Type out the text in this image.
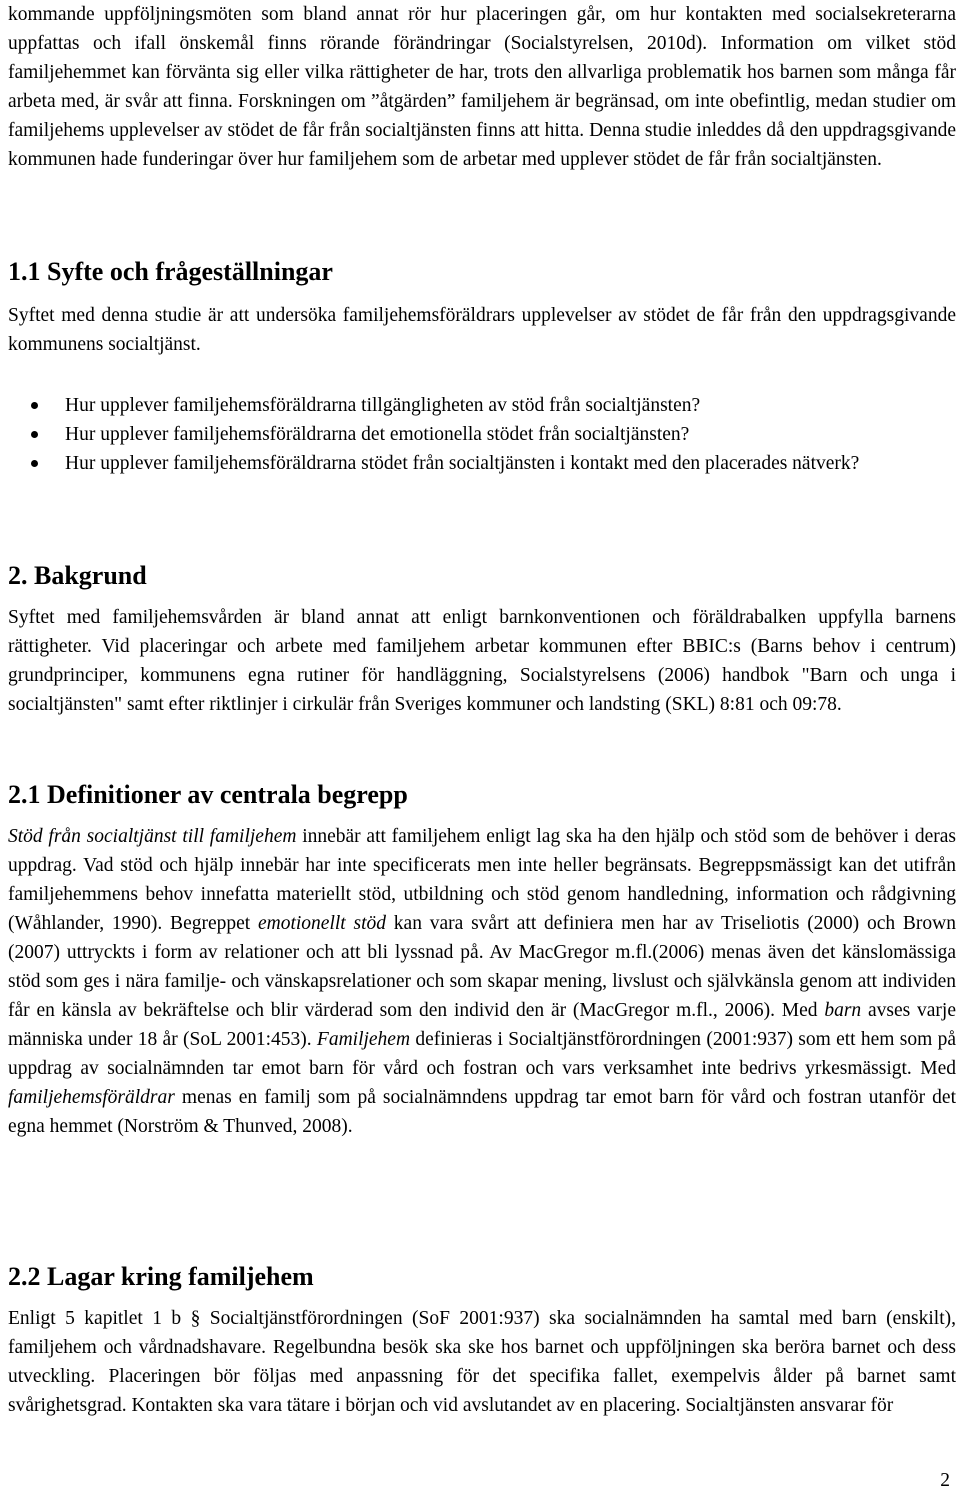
kommande uppföljningsmöten som bland annat rör hur placeringen går, om hur kontakten med socialsekreterarna uppfattas och ifall önskemål finns rörande förändringar (Socialstyrelsen, 2010d). Information om vilket stöd familjehemmet kan förvänta sig eller vilka rättigheter de har, trots den allvarliga problematik hos barnen som många får arbeta med, är svår att finna. Forskningen om ”åtgärden” familjehem är begränsad, om inte obefintlig, medan studier om familjehems upplevelser av stödet de får från socialtjänsten finns att hitta. Denna studie inleddes då den uppdragsgivande kommunen hade funderingar över hur familjehem som de arbetar med upplever stödet de får från socialtjänsten.

1.1 Syfte och frågeställningar

Syftet med denna studie är att undersöka familjehemsföräldrars upplevelser av stödet de får från den uppdragsgivande kommunens socialtjänst.

Hur upplever familjehemsföräldrarna tillgängligheten av stöd från socialtjänsten?
Hur upplever familjehemsföräldrarna det emotionella stödet från socialtjänsten?
Hur upplever familjehemsföräldrarna stödet från socialtjänsten i kontakt med den placerades nätverk?
2. Bakgrund

Syftet med familjehemsvården är bland annat att enligt barnkonventionen och föräldrabalken uppfylla barnens rättigheter. Vid placeringar och arbete med familjehem arbetar kommunen efter BBIC:s (Barns behov i centrum) grundprinciper, kommunens egna rutiner för handläggning, Socialstyrelsens (2006) handbok "Barn och unga i socialtjänsten" samt efter riktlinjer i cirkulär från Sveriges kommuner och landsting (SKL) 8:81 och 09:78.

2.1 Definitioner av centrala begrepp

Stöd från socialtjänst till familjehem innebär att familjehem enligt lag ska ha den hjälp och stöd som de behöver i deras uppdrag. Vad stöd och hjälp innebär har inte specificerats men inte heller begränsats. Begreppsmässigt kan det utifrån familjehemmens behov innefatta materiellt stöd, utbildning och stöd genom handledning, information och rådgivning (Wåhlander, 1990). Begreppet emotionellt stöd kan vara svårt att definiera men har av Triseliotis (2000) och Brown (2007) uttryckts i form av relationer och att bli lyssnad på. Av MacGregor m.fl.(2006) menas även det känslomässiga stöd som ges i nära familje- och vänskapsrelationer och som skapar mening, livslust och självkänsla genom att individen får en känsla av bekräftelse och blir värderad som den individ den är (MacGregor m.fl., 2006). Med barn avses varje människa under 18 år (SoL 2001:453). Familjehem definieras i Socialtjänstförordningen (2001:937) som ett hem som på uppdrag av socialnämnden tar emot barn för vård och fostran och vars verksamhet inte bedrivs yrkesmässigt. Med familjehemsföräldrar menas en familj som på socialnämndens uppdrag tar emot barn för vård och fostran utanför det egna hemmet (Norström & Thunved, 2008).

2.2 Lagar kring familjehem

Enligt 5 kapitlet 1 b § Socialtjänstförordningen (SoF 2001:937) ska socialnämnden ha samtal med barn (enskilt), familjehem och vårdnadshavare. Regelbundna besök ska ske hos barnet och uppföljningen ska beröra barnet och dess utveckling. Placeringen bör följas med anpassning för det specifika fallet, exempelvis ålder på barnet samt svårighetsgrad. Kontakten ska vara tätare i början och vid avslutandet av en placering. Socialtjänsten ansvarar för

2
